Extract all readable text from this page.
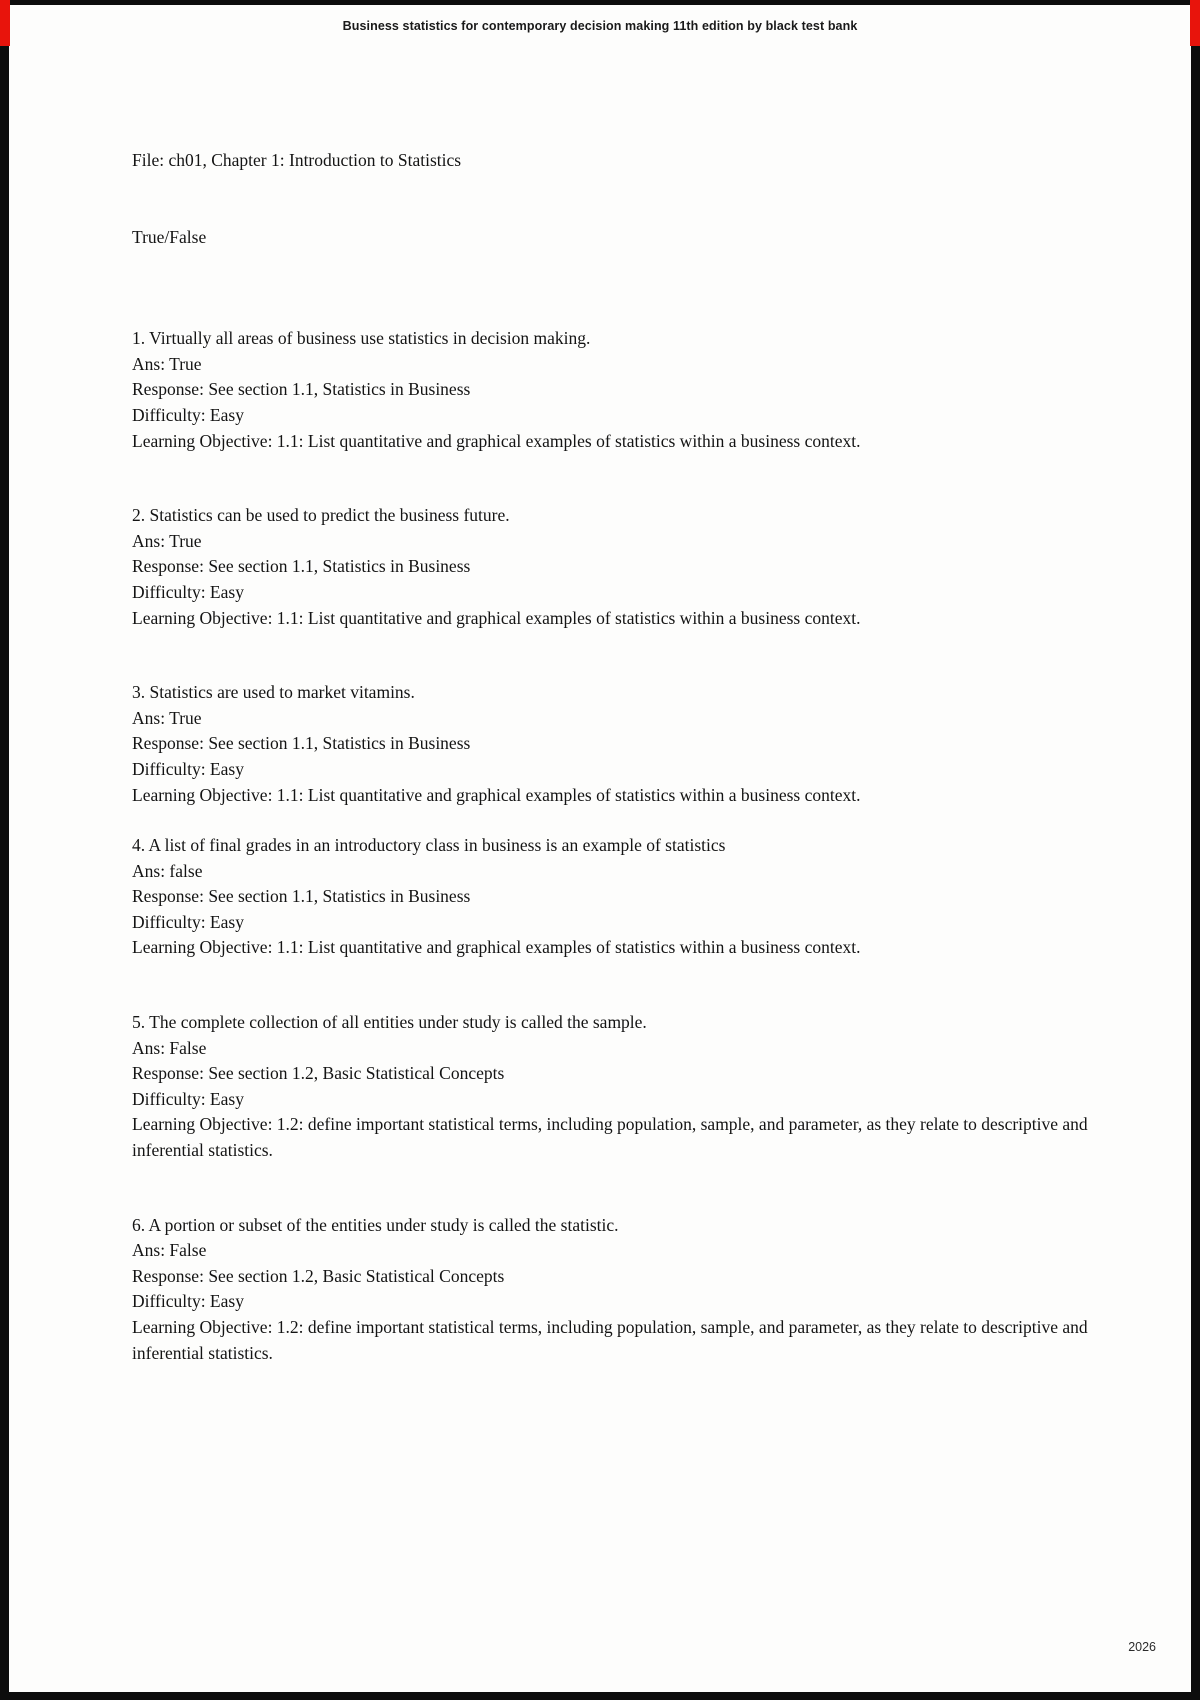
Business statistics for contemporary decision making 11th edition by black test bank
File: ch01, Chapter 1: Introduction to Statistics
True/False
1. Virtually all areas of business use statistics in decision making.
Ans: True
Response: See section 1.1, Statistics in Business
Difficulty: Easy
Learning Objective: 1.1: List quantitative and graphical examples of statistics within a business context.
2. Statistics can be used to predict the business future.
Ans: True
Response: See section 1.1, Statistics in Business
Difficulty: Easy
Learning Objective: 1.1: List quantitative and graphical examples of statistics within a business context.
3. Statistics are used to market vitamins.
Ans: True
Response: See section 1.1, Statistics in Business
Difficulty: Easy
Learning Objective: 1.1: List quantitative and graphical examples of statistics within a business context.
4. A list of final grades in an introductory class in business is an example of statistics
Ans: false
Response: See section 1.1, Statistics in Business
Difficulty: Easy
Learning Objective: 1.1: List quantitative and graphical examples of statistics within a business context.
5. The complete collection of all entities under study is called the sample.
Ans: False
Response: See section 1.2, Basic Statistical Concepts
Difficulty: Easy
Learning Objective: 1.2: define important statistical terms, including population, sample, and parameter, as they relate to descriptive and inferential statistics.
6. A portion or subset of the entities under study is called the statistic.
Ans: False
Response: See section 1.2, Basic Statistical Concepts
Difficulty: Easy
Learning Objective: 1.2: define important statistical terms, including population, sample, and parameter, as they relate to descriptive and inferential statistics.
2026
